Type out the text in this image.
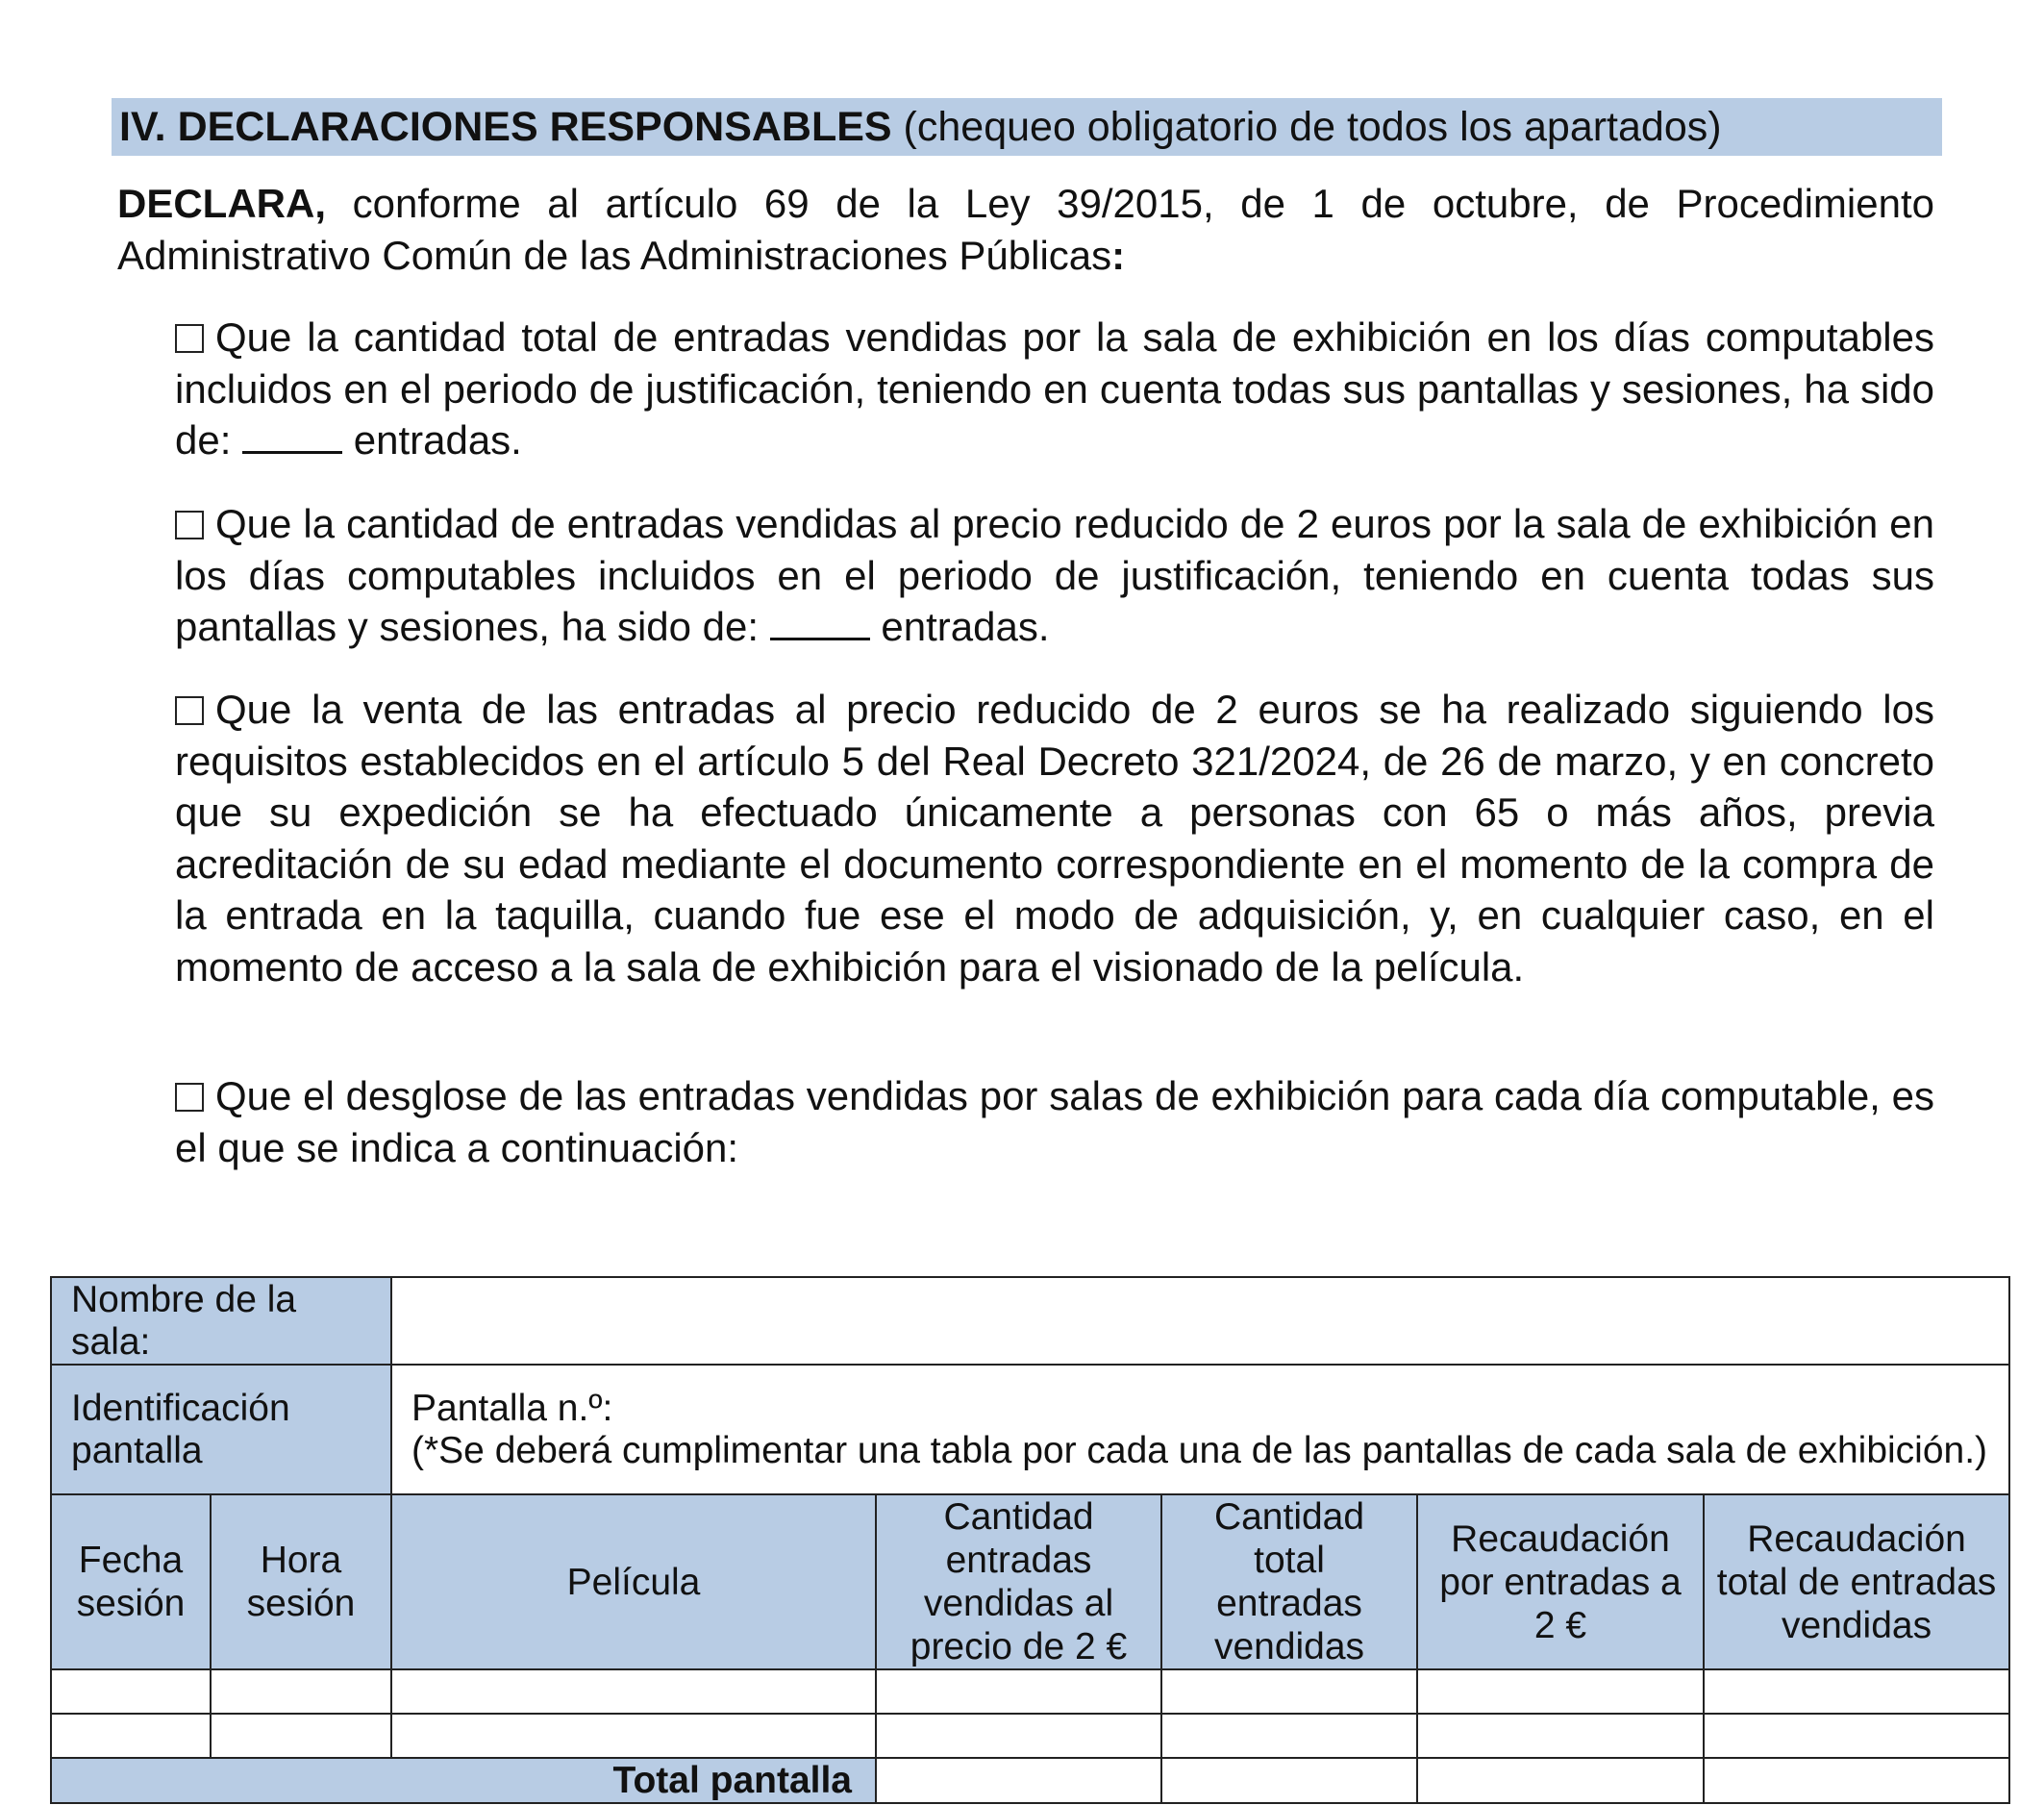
IV. DECLARACIONES RESPONSABLES (chequeo obligatorio de todos los apartados)
DECLARA, conforme al artículo 69 de la Ley 39/2015, de 1 de octubre, de Procedimiento Administrativo Común de las Administraciones Públicas:
Que la cantidad total de entradas vendidas por la sala de exhibición en los días computables incluidos en el periodo de justificación, teniendo en cuenta todas sus pantallas y sesiones, ha sido de:  entradas.
Que la cantidad de entradas vendidas al precio reducido de 2 euros por la sala de exhibición en los días computables incluidos en el periodo de justificación, teniendo en cuenta todas sus pantallas y sesiones, ha sido de:  entradas.
Que la venta de las entradas al precio reducido de 2 euros se ha realizado siguiendo los requisitos establecidos en el artículo 5 del Real Decreto 321/2024, de 26 de marzo, y en concreto que su expedición se ha efectuado únicamente a personas con 65 o más años, previa acreditación de su edad mediante el documento correspondiente en el momento de la compra de la entrada en la taquilla, cuando fue ese el modo de adquisición, y, en cualquier caso, en el momento de acceso a la sala de exhibición para el visionado de la película.
Que el desglose de las entradas vendidas por salas de exhibición para cada día computable, es el que se indica a continuación:
Nombre de la sala:						
Identificación pantalla		Pantalla n.º:
(*Se deberá cumplimentar una tabla por cada una de las pantallas de cada sala de exhibición.)				

Fecha sesión	Hora sesión	Película	Cantidad entradas vendidas al precio de 2 €	Cantidad total entradas vendidas	Recaudación por entradas a 2 €	Recaudación total de entradas vendidas

Total pantalla						
